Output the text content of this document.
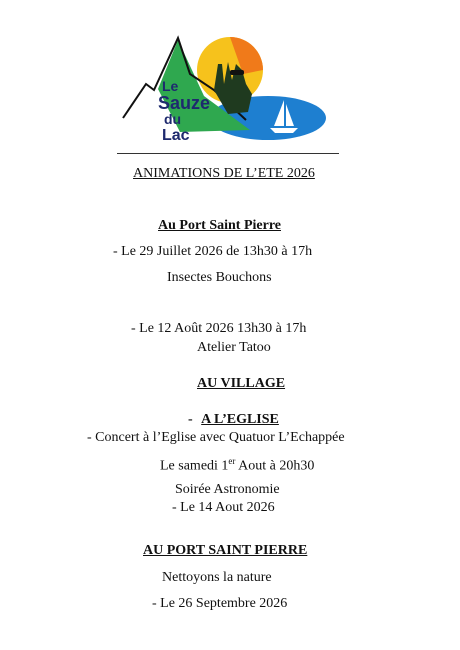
Le
Sauze
du
Lac
ANIMATIONS DE L’ETE 2026
Au Port Saint Pierre
- Le 29 Juillet 2026 de 13h30 à 17h
Insectes Bouchons
- Le 12 Août 2026 13h30 à 17h
Atelier Tatoo
AU VILLAGE
- A L’EGLISE
- Concert à l’Eglise avec Quatuor L’Echappée
Le samedi 1er Aout à 20h30
Soirée Astronomie
- Le 14 Aout 2026
AU PORT SAINT PIERRE
Nettoyons la nature
- Le 26 Septembre 2026
